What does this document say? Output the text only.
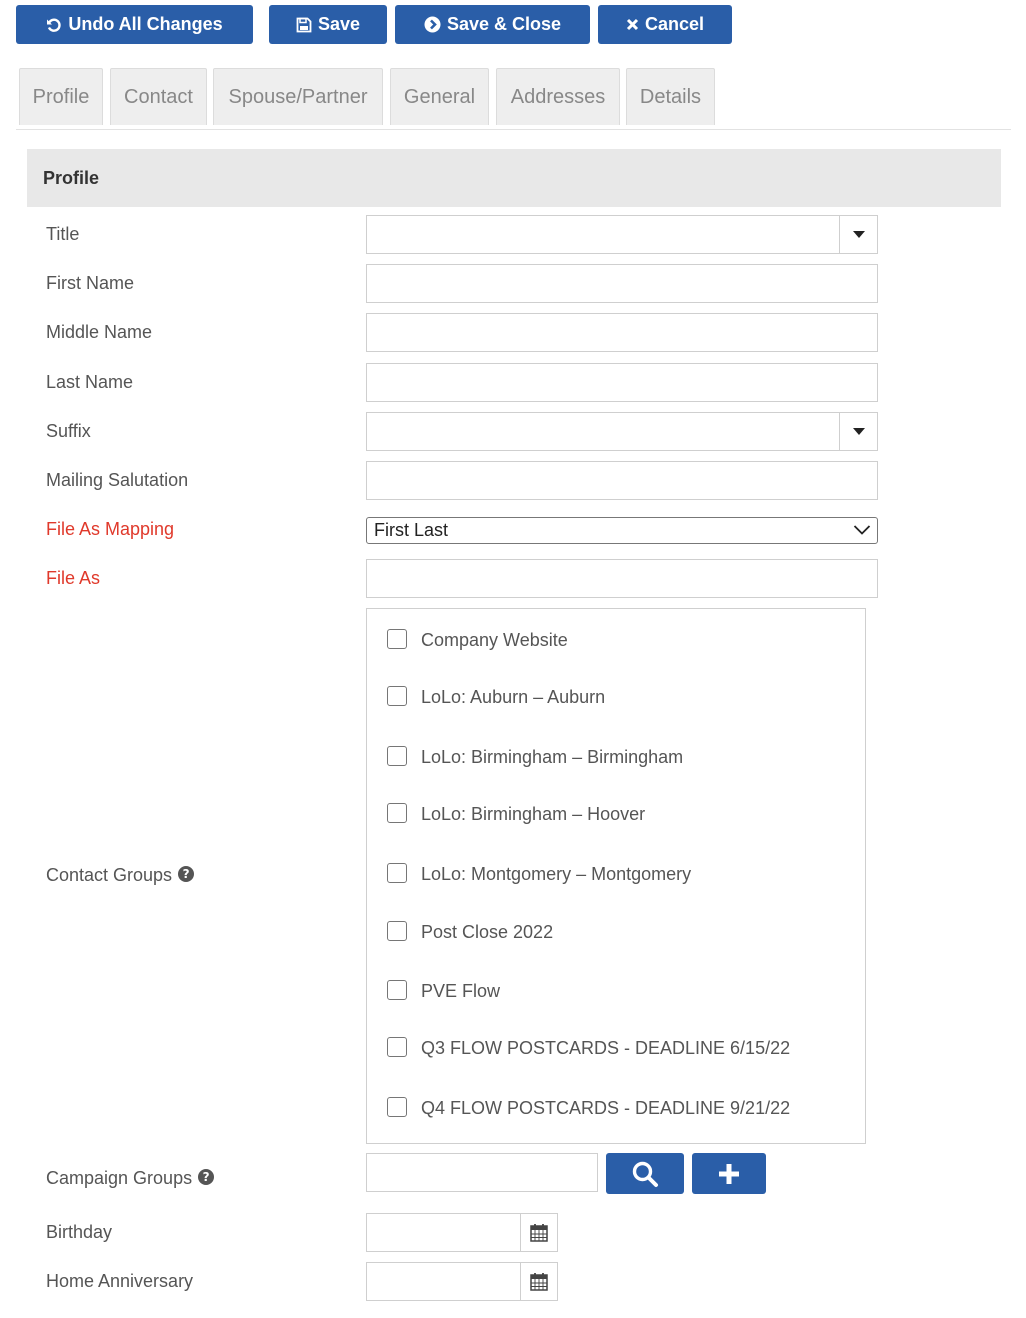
Undo All Changes	Save	Save & Close	Cancel
Profile Contact Spouse/Partner General Addresses Details
Profile
Title
First Name
Middle Name
Last Name
Suffix
Mailing Salutation
File As Mapping	First Last
File As
Contact Groups ?
Company Website
LoLo: Auburn – Auburn
LoLo: Birmingham – Birmingham
LoLo: Birmingham – Hoover
LoLo: Montgomery – Montgomery
Post Close 2022
PVE Flow
Q3 FLOW POSTCARDS - DEADLINE 6/15/22
Q4 FLOW POSTCARDS - DEADLINE 9/21/22
Campaign Groups ?
Birthday
Home Anniversary
